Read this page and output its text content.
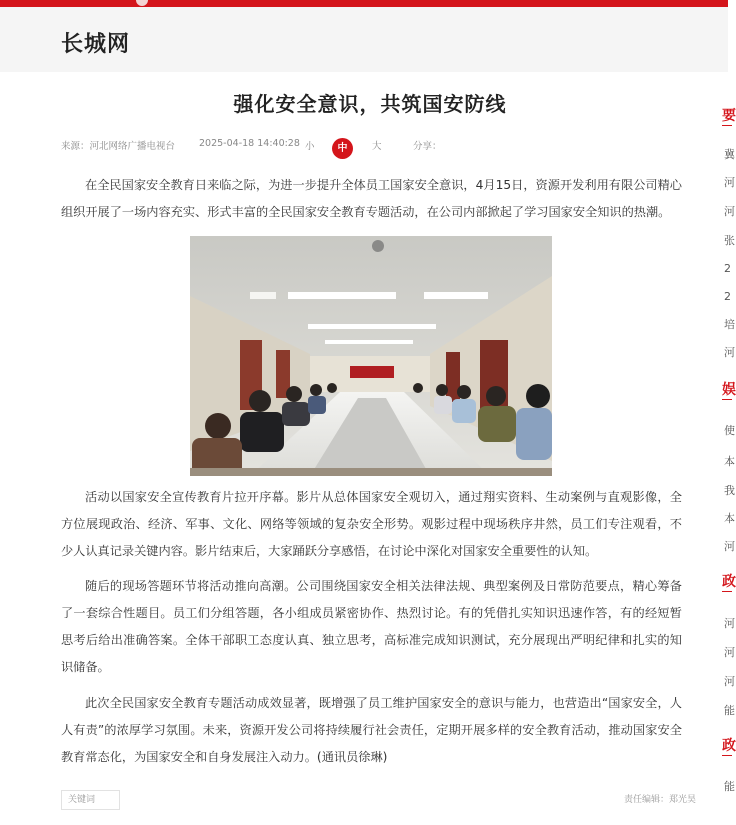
长城网
强化安全意识，共筑国安防线
来源：河北网络广播电视台	2025-04-18 14:40:28 小	中	大	分享：

在全民国家安全教育日来临之际，为进一步提升全体员工国家安全意识，4月15日，资源开发利用有限公司精心组织开展了一场内容充实、形式丰富的全民国家安全教育专题活动，在公司内部掀起了学习国家安全知识的热潮。

活动以国家安全宣传教育片拉开序幕。影片从总体国家安全观切入，通过翔实资料、生动案例与直观影像，全方位展现政治、经济、军事、文化、网络等领域的复杂安全形势。观影过程中现场秩序井然，员工们专注观看，不少人认真记录关键内容。影片结束后，大家踊跃分享感悟，在讨论中深化对国家安全重要性的认知。

随后的现场答题环节将活动推向高潮。公司围绕国家安全相关法律法规、典型案例及日常防范要点，精心筹备了一套综合性题目。员工们分组答题，各小组成员紧密协作、热烈讨论。有的凭借扎实知识迅速作答，有的经短暂思考后给出准确答案。全体干部职工态度认真、独立思考，高标准完成知识测试，充分展现出严明纪律和扎实的知识储备。

此次全民国家安全教育专题活动成效显著，既增强了员工维护国家安全的意识与能力，也营造出“国家安全，人人有责”的浓厚学习氛围。未来，资源开发公司将持续履行社会责任，定期开展多样的安全教育活动，推动国家安全教育常态化，为国家安全和自身发展注入动力。(通讯员徐琳)

关键词	责任编辑：郑光昊
要
冀
河
河
张
2
2
培
河
娱
使
本
我
本
河
政
河
河
河
能
政
能
